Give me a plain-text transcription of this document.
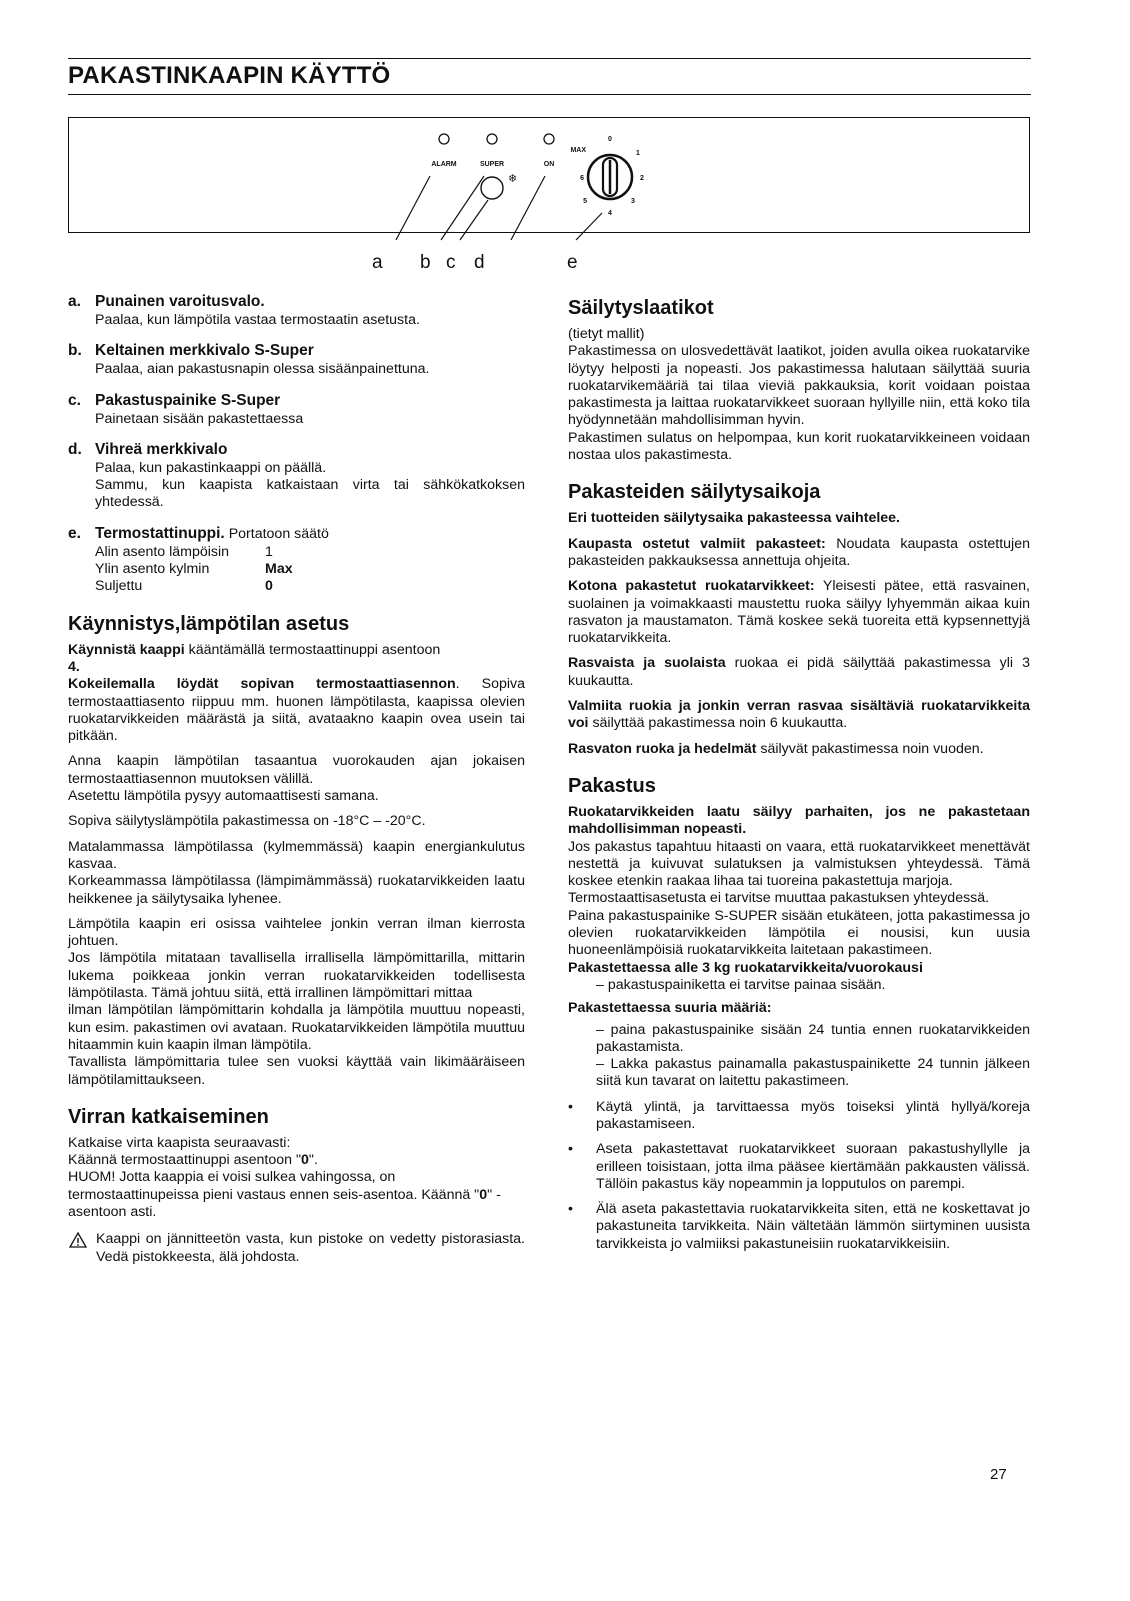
PAKASTINKAAPIN KÄYTTÖ
ALARM	SUPER	ON
❄
MAX
0
1
2
3
4
5
6
a b c d	e
a. Punainen varoitusvalo.
Paalaa, kun lämpötila vastaa termostaatin asetusta.
b. Keltainen merkkivalo S-Super
Paalaa, aian pakastusnapin olessa sisäänpainettuna.
c. Pakastuspainike S-Super
Painetaan sisään pakastettaessa
d. Vihreä merkkivalo
Palaa, kun pakastinkaappi on päällä.
Sammu, kun kaapista katkaistaan virta tai sähkökatkoksen yhtedessä.
e. Termostattinuppi. Portatoon säätö
Alin asento lämpöisin	1
Ylin asento kylmin	Max
Suljettu	0
Käynnistys,lämpötilan asetus

Käynnistä kaappi kääntämällä termostaattinuppi asentoon
4.

Kokeilemalla löydät sopivan termostaattiasennon. Sopiva termostaattiasento riippuu mm. huonen lämpötilasta, kaapissa olevien ruokatarvikkeiden määrästä ja siitä, avataakno kaapin ovea usein tai pitkään.

Anna kaapin lämpötilan tasaantua vuorokauden ajan jokaisen termostaattiasennon muutoksen välillä.
Asetettu lämpötila pysyy automaattisesti samana.

Sopiva säilytyslämpötila pakastimessa on -18°C – -20°C.

Matalammassa lämpötilassa (kylmemmässä) kaapin energiankulutus kasvaa.
Korkeammassa lämpötilassa (lämpimämmässä) ruokatarvikkeiden laatu heikkenee ja säilytysaika lyhenee.

Lämpötila kaapin eri osissa vaihtelee jonkin verran ilman kierrosta johtuen.
Jos lämpötila mitataan tavallisella irrallisella lämpömittarilla, mittarin lukema poikkeaa jonkin verran ruokatarvikkeiden todellisesta lämpötilasta. Tämä johtuu siitä, että irrallinen lämpömittari mittaa
ilman lämpötilan lämpömittarin kohdalla ja lämpötila muuttuu nopeasti, kun esim. pakastimen ovi avataan. Ruokatarvikkeiden lämpötila muuttuu hitaammin kuin kaapin ilman lämpötila.
Tavallista lämpömittaria tulee sen vuoksi käyttää vain likimääräiseen lämpötilamittaukseen.

Virran katkaiseminen

Katkaise virta kaapista seuraavasti:
Käännä termostaattinuppi asentoon "0".
HUOM! Jotta kaappia ei voisi sulkea vahingossa, on termostaattinupeissa pieni vastaus ennen seis-asentoa. Käännä "0" -asentoon asti.

Kaappi on jännitteetön vasta, kun pistoke on vedetty pistorasiasta. Vedä pistokkeesta, älä johdosta.

Säilytyslaatikot

(tietyt mallit)
Pakastimessa on ulosvedettävät laatikot, joiden avulla oikea ruokatarvike löytyy helposti ja nopeasti. Jos pakastimessa halutaan säilyttää suuria ruokatarvikemääriä tai tilaa vieviä pakkauksia, korit voidaan poistaa pakastimesta ja laittaa ruokatarvikkeet suoraan hyllyille niin, että koko tila hyödynnetään mahdollisimman hyvin.
Pakastimen sulatus on helpompaa, kun korit ruokatarvikkeineen voidaan nostaa ulos pakastimesta.

Pakasteiden säilytysaikoja

Eri tuotteiden säilytysaika pakasteessa vaihtelee.

Kaupasta ostetut valmiit pakasteet: Noudata kaupasta ostettujen pakasteiden pakkauksessa annettuja ohjeita.

Kotona pakastetut ruokatarvikkeet: Yleisesti pätee, että rasvainen, suolainen ja voimakkaasti maustettu ruoka säilyy lyhyemmän aikaa kuin rasvaton ja maustamaton. Tämä koskee sekä tuoreita että kypsennettyjä ruokatarvikkeita.

Rasvaista ja suolaista ruokaa ei pidä säilyttää pakastimessa yli 3 kuukautta.

Valmiita ruokia ja jonkin verran rasvaa sisältäviä ruokatarvikkeita voi säilyttää pakastimessa noin 6 kuukautta.

Rasvaton ruoka ja hedelmät säilyvät pakastimessa noin vuoden.

Pakastus

Ruokatarvikkeiden laatu säilyy parhaiten, jos ne pakastetaan mahdollisimman nopeasti.

Jos pakastus tapahtuu hitaasti on vaara, että ruokatarvikkeet menettävät nestettä ja kuivuvat sulatuksen ja valmistuksen yhteydessä. Tämä koskee etenkin raakaa lihaa tai tuoreina pakastettuja marjoja.
Termostaattisasetusta ei tarvitse muuttaa pakastuksen yhteydessä.
Paina pakastuspainike S-SUPER sisään etukäteen, jotta pakastimessa jo olevien ruokatarvikkeiden lämpötila ei nousisi, kun uusia huoneenlämpöisiä ruokatarvikkeita laitetaan pakastimeen.

Pakastettaessa alle 3 kg ruokatarvikkeita/vuorokausi

– pakastuspainiketta ei tarvitse painaa sisään.

Pakastettaessa suuria määriä:

– paina pakastuspainike sisään 24 tuntia ennen ruokatarvikkeiden pakastamista.

– Lakka pakastus painamalla pakastuspainikette 24 tunnin jälkeen siitä kun tavarat on laitettu pakastimeen.

•	Käytä ylintä, ja tarvittaessa myös toiseksi ylintä hyllyä/koreja pakastamiseen.
•	Aseta pakastettavat ruokatarvikkeet suoraan pakastushyllylle ja erilleen toisistaan, jotta ilma pääsee kiertämään pakkausten välissä. Tällöin pakastus käy nopeammin ja lopputulos on parempi.
•	Älä aseta pakastettavia ruokatarvikkeita siten, että ne koskettavat jo pakastuneita tarvikkeita. Näin vältetään lämmön siirtyminen uusista tarvikkeista jo valmiiksi pakastuneisiin ruokatarvikkeisiin.
27
